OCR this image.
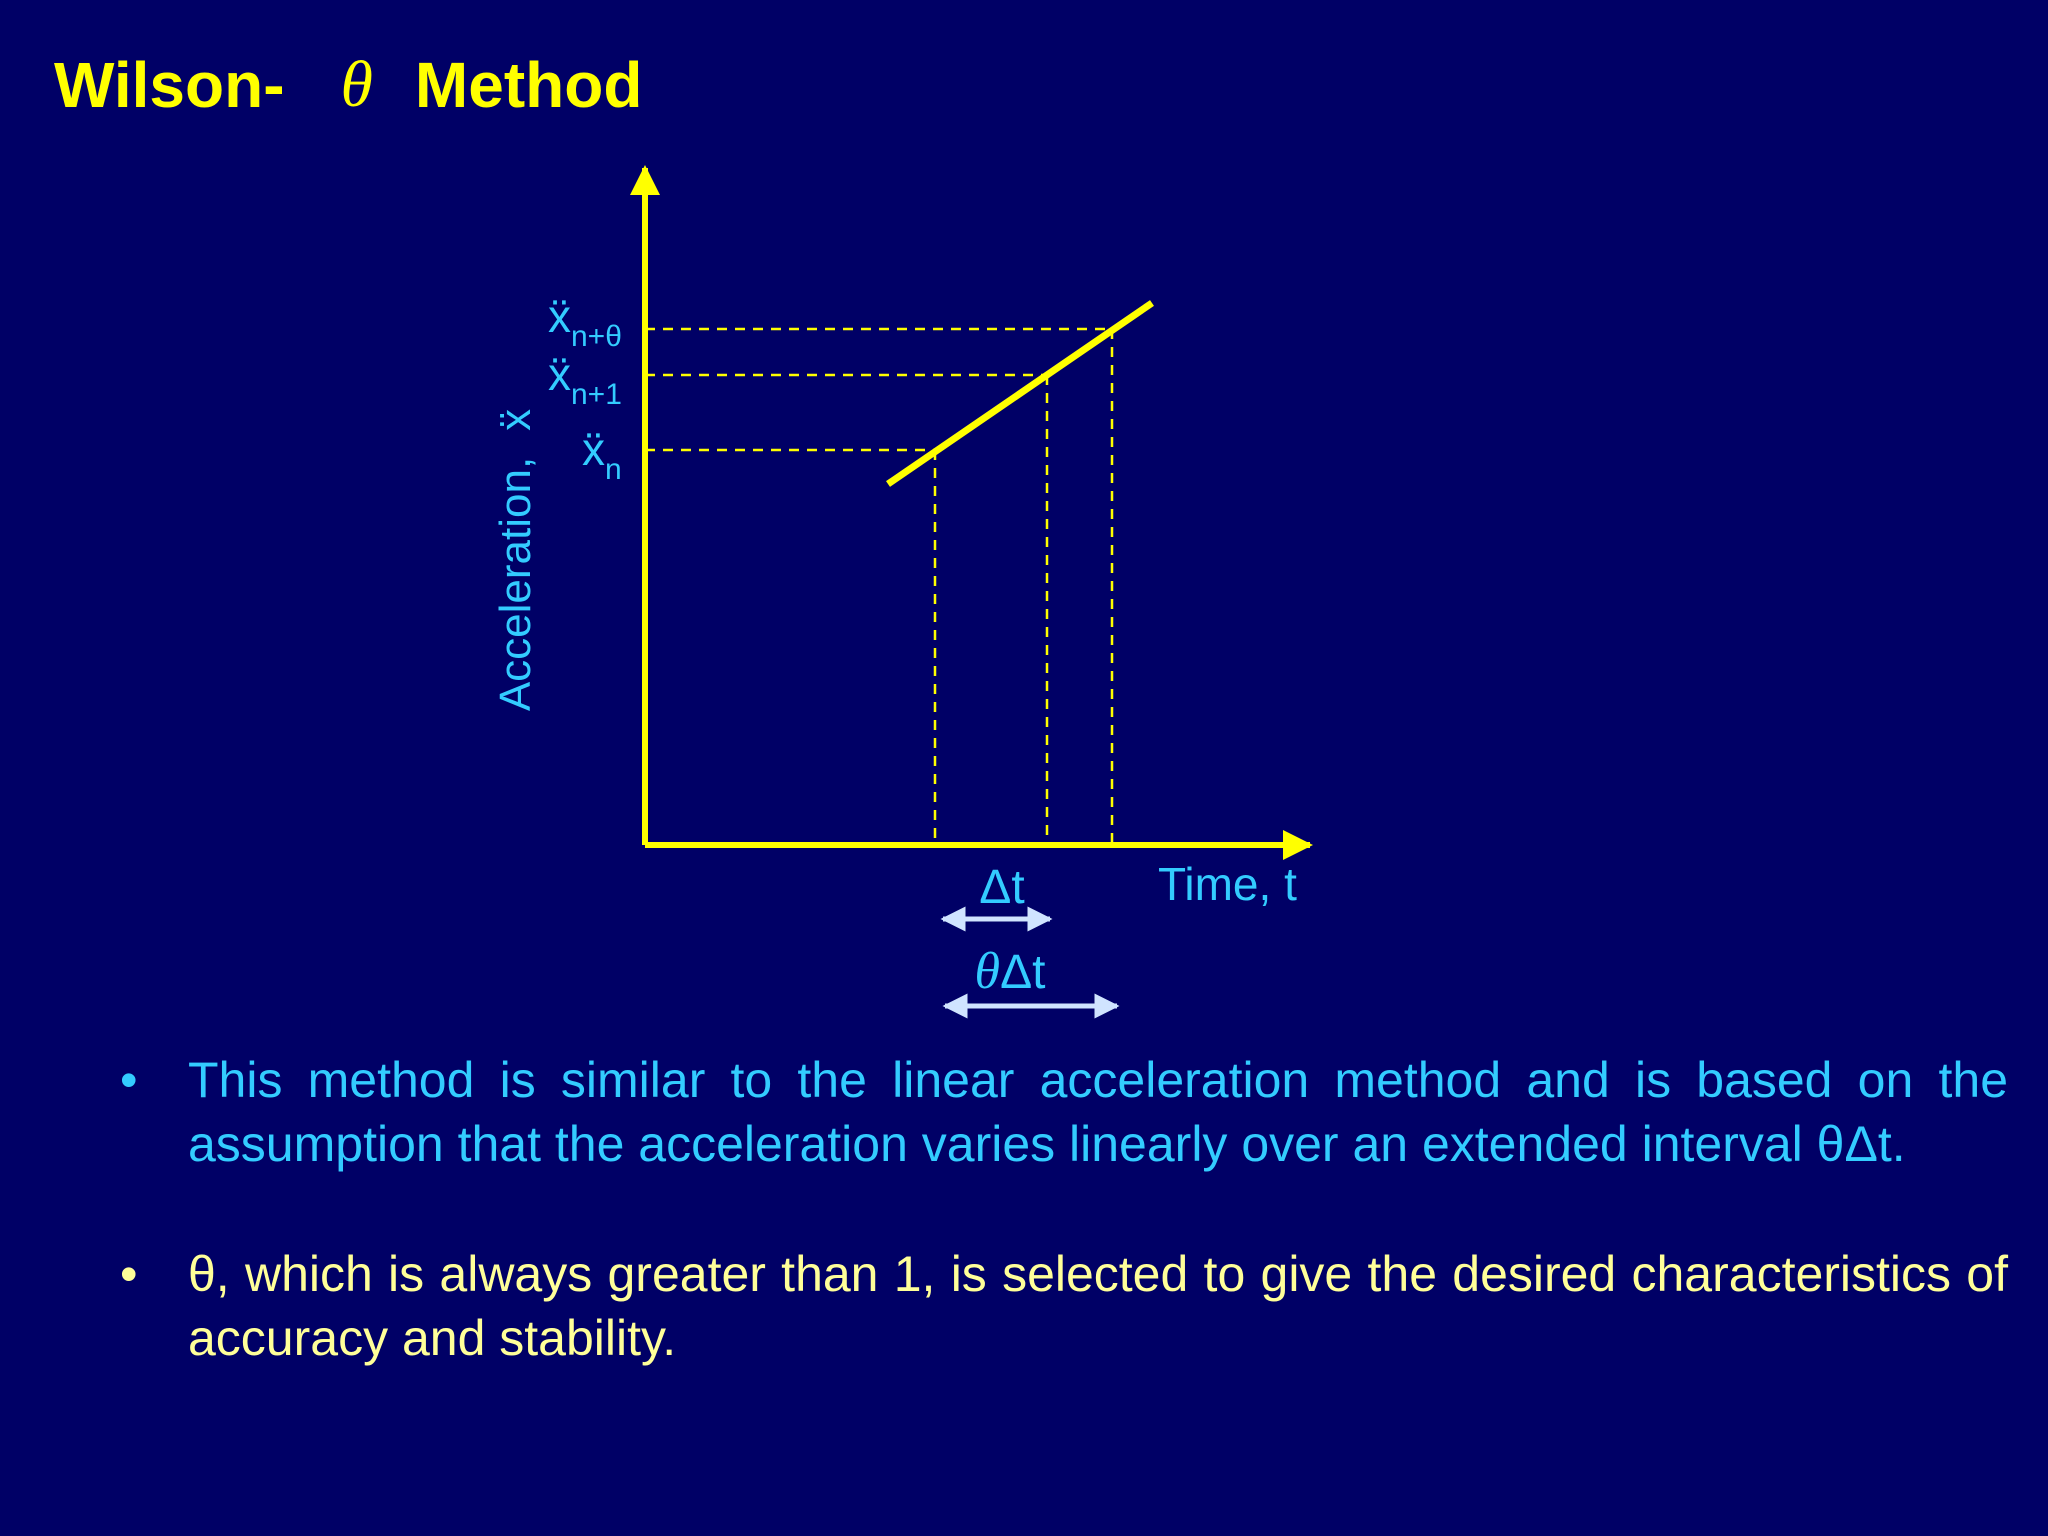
Wilson- θ Method
Acceleration,ẍ
ẍ$_{n+\theta}$
ẍ$_{n+1}$
ẍ$_n$
Time, t
Δt
θΔt
• This method is similar to the linear acceleration method and is based on the assumption that the acceleration varies linearly over an extended interval θΔt.
• θ, which is always greater than 1, is selected to give the desired characteristics of accuracy and stability.
